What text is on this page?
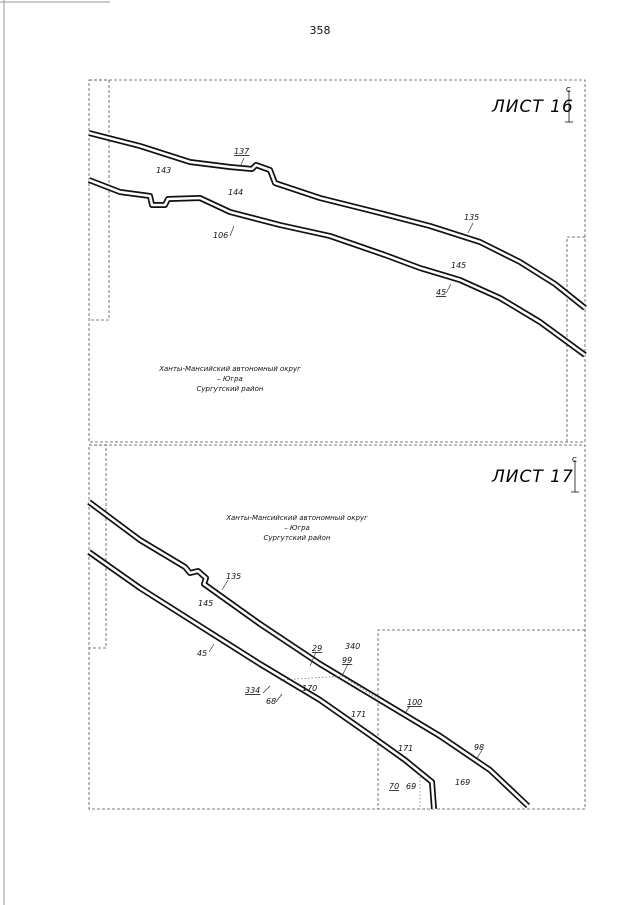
358
ЛИСТ 16
С
143
137
144
135
106
145
45
Ханты-Мансийский автономный округ
– Югра
Сургутский район
ЛИСТ 17
С
135
145
29	340
99
45
170
334
68
171
100
171	98
169
70 69
Ханты-Мансийский автономный округ
– Югра
Сургутский район
